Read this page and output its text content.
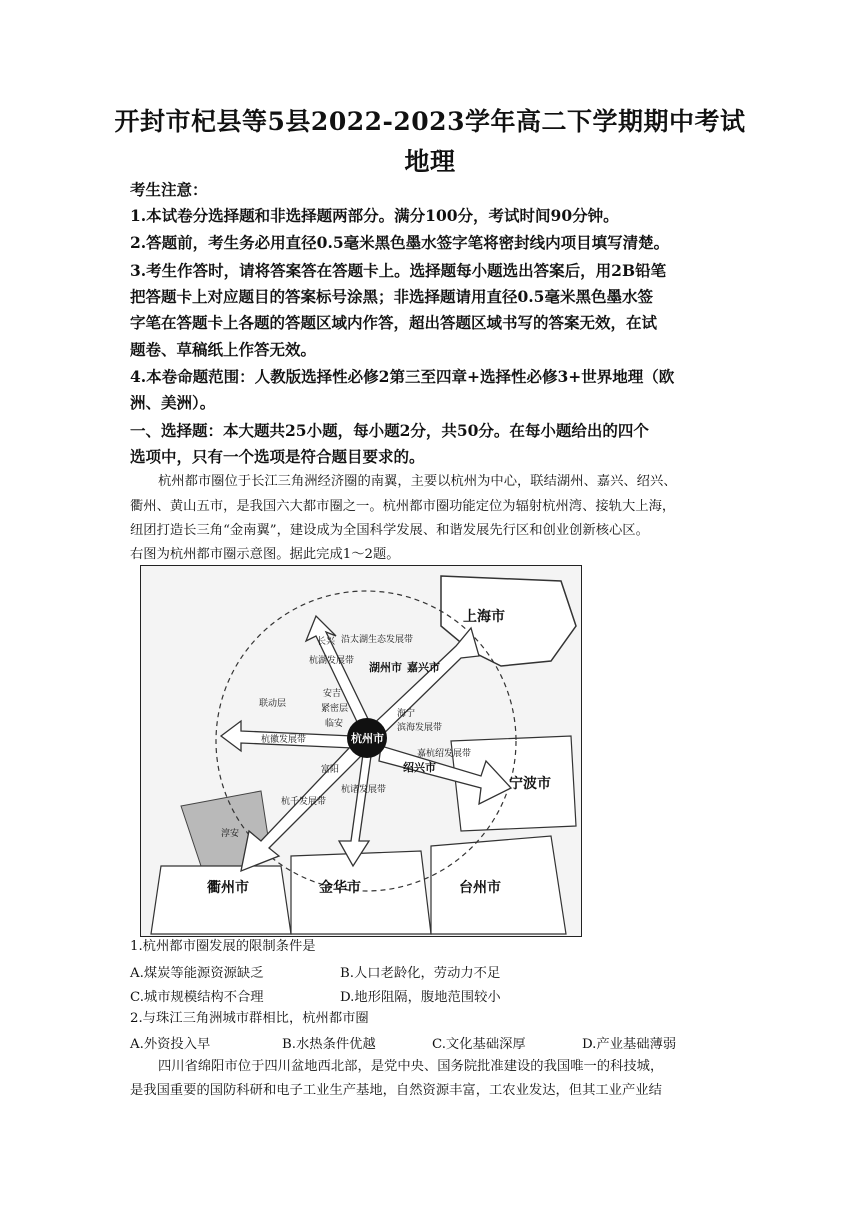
开封市杞县等5县2022-2023学年高二下学期期中考试
地理
考生注意：
1.本试卷分选择题和非选择题两部分。满分100分，考试时间90分钟。
2.答题前，考生务必用直径0.5毫米黑色墨水签字笔将密封线内项目填写清楚。
3.考生作答时，请将答案答在答题卡上。选择题每小题选出答案后，用2B铅笔
把答题卡上对应题目的答案标号涂黑；非选择题请用直径0.5毫米黑色墨水签
字笔在答题卡上各题的答题区域内作答，超出答题区域书写的答案无效，在试
题卷、草稿纸上作答无效。
4.本卷命题范围：人教版选择性必修2第三至四章+选择性必修3+世界地理（欧
洲、美洲）。
一、选择题：本大题共25小题，每小题2分，共50分。在每小题给出的四个
选项中，只有一个选项是符合题目要求的。
杭州都市圈位于长江三角洲经济圈的南翼，主要以杭州为中心，联结湖州、嘉兴、绍兴、
衢州、黄山五市，是我国六大都市圈之一。杭州都市圈功能定位为辐射杭州湾、接轨大上海，
纽团打造长三角“金南翼”，建设成为全国科学发展、和谐发展先行区和创业创新核心区。
右图为杭州都市圈示意图。据此完成1～2题。
上海市
宁波市
台州市
金华市
衢州市
杭州市
湖州市 嘉兴市
绍兴市
长兴 沿太湖生态发展带
杭湖发展带
安吉
联动层	紧密层
临安
海宁
滨海发展带
杭徽发展带
富阳
嘉杭绍发展带
杭诸发展带
淳安
杭千发展带
1.杭州都市圈发展的限制条件是
A.煤炭等能源资源缺乏	B.人口老龄化，劳动力不足
C.城市规模结构不合理	D.地形阻隔，腹地范围较小
2.与珠江三角洲城市群相比，杭州都市圈
A.外资投入早	B.水热条件优越	C.文化基础深厚	D.产业基础薄弱
四川省绵阳市位于四川盆地西北部，是党中央、国务院批准建设的我国唯一的科技城，
是我国重要的国防科研和电子工业生产基地，自然资源丰富，工农业发达，但其工业产业结
